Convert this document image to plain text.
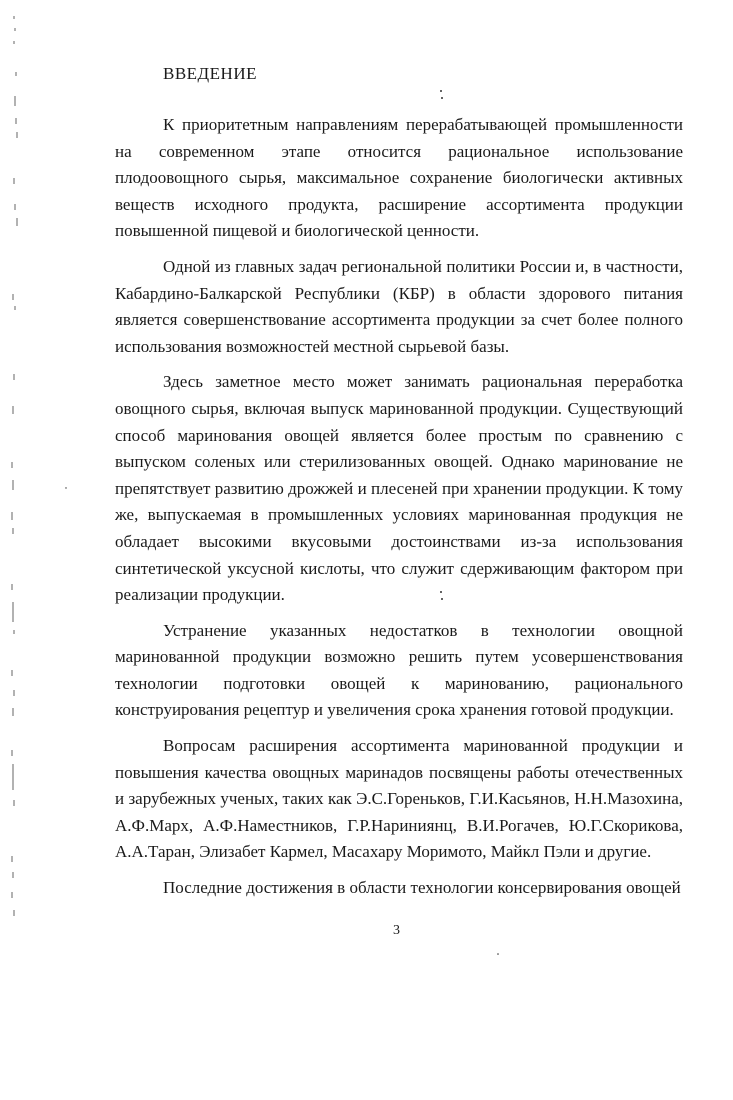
ВВЕДЕНИЕ

К приоритетным направлениям перерабатывающей промышленности на современном этапе относится рациональное использование плодоовощного сырья, максимальное сохранение биологически активных веществ исходного продукта, расширение ассортимента продукции повышенной пищевой и биологической ценности.

Одной из главных задач региональной политики России и, в частности, Кабардино-Балкарской Республики (КБР) в области здорового питания является совершенствование ассортимента продукции за счет более полного использования возможностей местной сырьевой базы.

Здесь заметное место может занимать рациональная переработка овощного сырья, включая выпуск маринованной продукции. Существующий способ маринования овощей является более простым по сравнению с выпуском соленых или стерилизованных овощей. Однако маринование не препятствует развитию дрожжей и плесеней при хранении продукции. К тому же, выпускаемая в промышленных условиях маринованная продукция не обладает высокими вкусовыми достоинствами из-за использования синтетической уксусной кислоты, что служит сдерживающим фактором при реализации продукции.

Устранение указанных недостатков в технологии овощной маринованной продукции возможно решить путем усовершенствования технологии подготовки овощей к мариновaнию, рационального конструирования рецептур и увеличения срока хранения готовой продукции.

Вопросам расширения ассортимента маринованной продукции и повышения качества овощных маринадов посвящены работы отечественных и зарубежных ученых, таких как Э.С.Гореньков, Г.И.Касьянов, Н.Н.Мазохина, А.Ф.Марх, А.Ф.Наместников, Г.Р.Нариниянц, В.И.Рогачев, Ю.Г.Скорикова, А.А.Таран, Элизабет Кармел, Масахару Моримото, Майкл Пэли и другие.

Последние достижения в области технологии консервирования овощей

3
